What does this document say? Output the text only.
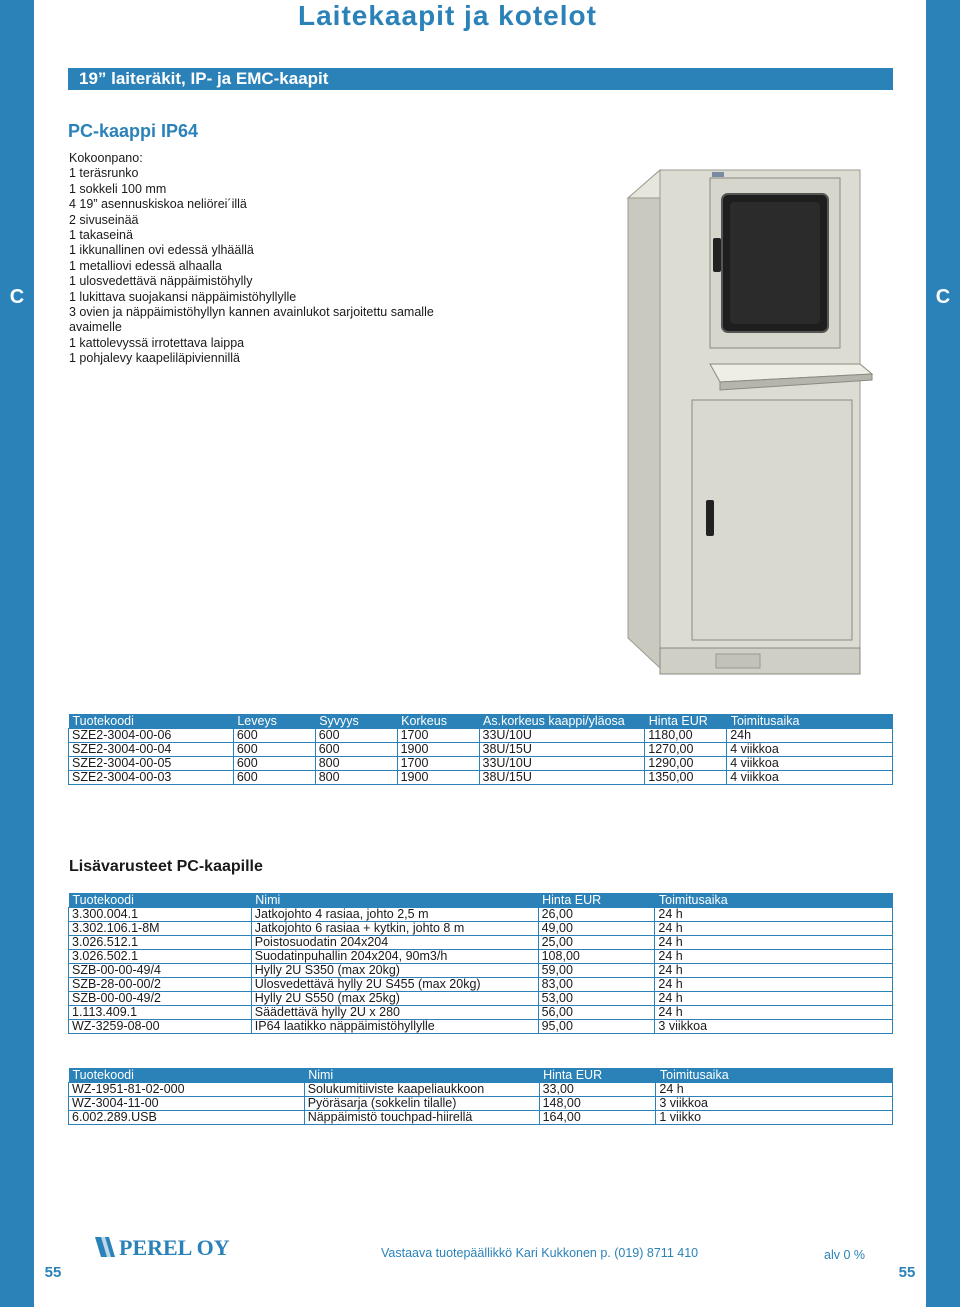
C	C
55	55
Laitekaapit ja kotelot
19” laiteräkit, IP- ja EMC-kaapit
PC-kaappi IP64
Kokoonpano:
1 teräsrunko
1 sokkeli 100 mm
4 19” asennuskiskoa neliörei´illä
2 sivuseinää
1 takaseinä
1 ikkunallinen ovi edessä ylhäällä
1 metalliovi edessä alhaalla
1 ulosvedettävä näppäimistöhylly
1 lukittava suojakansi näppäimistöhyllylle
3 ovien ja näppäimistöhyllyn kannen avainlukot sarjoitettu samalle
avaimelle
1 kattolevyssä irrotettava laippa
1 pohjalevy kaapeliläpiviennillä
Tuotekoodi	Leveys	Syvyys	Korkeus	As.korkeus kaappi/yläosa	Hinta EUR	Toimitusaika
SZE2-3004-00-06	600	600	1700	33U/10U	1180,00	24h
SZE2-3004-00-04	600	600	1900	38U/15U	1270,00	4 viikkoa
SZE2-3004-00-05	600	800	1700	33U/10U	1290,00	4 viikkoa
SZE2-3004-00-03	600	800	1900	38U/15U	1350,00	4 viikkoa
Lisävarusteet PC-kaapille
Tuotekoodi	Nimi	Hinta EUR	Toimitusaika
3.300.004.1	Jatkojohto 4 rasiaa, johto 2,5 m	26,00	24 h
3.302.106.1-8M	Jatkojohto 6 rasiaa + kytkin, johto 8 m	49,00	24 h
3.026.512.1	Poistosuodatin 204x204	25,00	24 h
3.026.502.1	Suodatinpuhallin 204x204, 90m3/h	108,00	24 h
SZB-00-00-49/4	Hylly 2U S350 (max 20kg)	59,00	24 h
SZB-28-00-00/2	Ulosvedettävä hylly 2U S455 (max 20kg)	83,00	24 h
SZB-00-00-49/2	Hylly 2U S550 (max 25kg)	53,00	24 h
1.113.409.1	Säädettävä hylly 2U x 280	56,00	24 h
WZ-3259-08-00	IP64 laatikko näppäimistöhyllylle	95,00	3 viikkoa
Tuotekoodi	Nimi	Hinta EUR	Toimitusaika
WZ-1951-81-02-000	Solukumitiiviste kaapeliaukkoon	33,00	24 h
WZ-3004-11-00	Pyöräsarja (sokkelin tilalle)	148,00	3 viikkoa
6.002.289.USB	Näppäimistö touchpad-hiirellä	164,00	1 viikko
PEREL OY	Vastaava tuotepäällikkö Kari Kukkonen p. (019) 8711 410	alv 0 %
